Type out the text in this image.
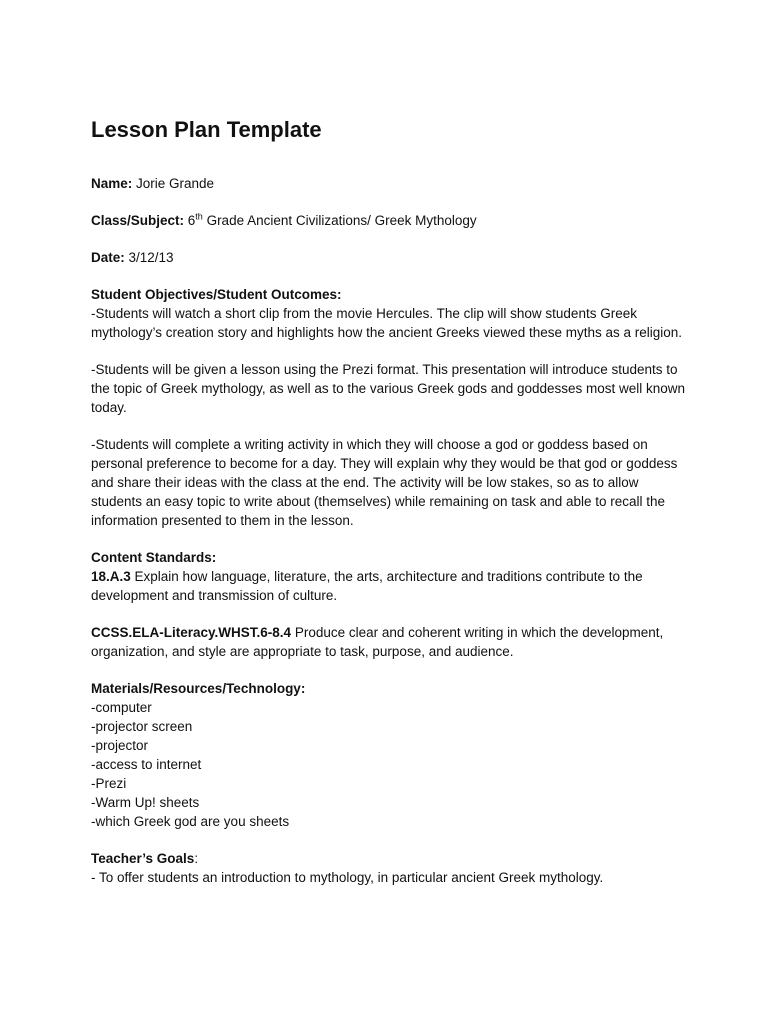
Lesson Plan Template
Name: Jorie Grande
Class/Subject: 6th Grade Ancient Civilizations/ Greek Mythology
Date: 3/12/13
Student Objectives/Student Outcomes:
-Students will watch a short clip from the movie Hercules. The clip will show students Greek mythology’s creation story and highlights how the ancient Greeks viewed these myths as a religion.
-Students will be given a lesson using the Prezi format. This presentation will introduce students to the topic of Greek mythology, as well as to the various Greek gods and goddesses most well known today.
-Students will complete a writing activity in which they will choose a god or goddess based on personal preference to become for a day. They will explain why they would be that god or goddess and share their ideas with the class at the end. The activity will be low stakes, so as to allow students an easy topic to write about (themselves) while remaining on task and able to recall the information presented to them in the lesson.
Content Standards:
18.A.3 Explain how language, literature, the arts, architecture and traditions contribute to the development and transmission of culture.
CCSS.ELA-Literacy.WHST.6-8.4 Produce clear and coherent writing in which the development, organization, and style are appropriate to task, purpose, and audience.
Materials/Resources/Technology:
-computer
-projector screen
-projector
-access to internet
-Prezi
-Warm Up! sheets
-which Greek god are you sheets
Teacher’s Goals:
- To offer students an introduction to mythology, in particular ancient Greek mythology.
